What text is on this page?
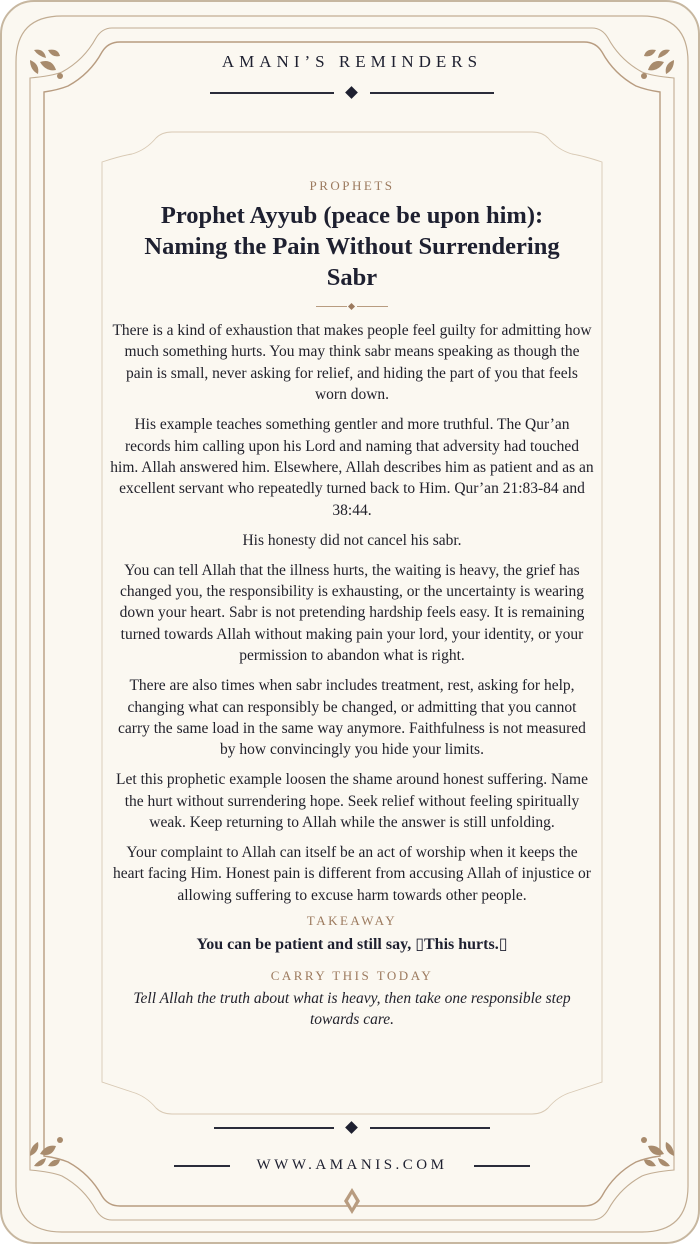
AMANI’S REMINDERS
PROPHETS
Prophet Ayyub (peace be upon him): Naming the Pain Without Surrendering Sabr

There is a kind of exhaustion that makes people feel guilty for admitting how much something hurts. You may think sabr means speaking as though the pain is small, never asking for relief, and hiding the part of you that feels worn down.

His example teaches something gentler and more truthful. The Qur’an records him calling upon his Lord and naming that adversity had touched him. Allah answered him. Elsewhere, Allah describes him as patient and as an excellent servant who repeatedly turned back to Him. Qur’an 21:83-84 and 38:44.

His honesty did not cancel his sabr.

You can tell Allah that the illness hurts, the waiting is heavy, the grief has changed you, the responsibility is exhausting, or the uncertainty is wearing down your heart. Sabr is not pretending hardship feels easy. It is remaining turned towards Allah without making pain your lord, your identity, or your permission to abandon what is right.

There are also times when sabr includes treatment, rest, asking for help, changing what can responsibly be changed, or admitting that you cannot carry the same load in the same way anymore. Faithfulness is not measured by how convincingly you hide your limits.

Let this prophetic example loosen the shame around honest suffering. Name the hurt without surrendering hope. Seek relief without feeling spiritually weak. Keep returning to Allah while the answer is still unfolding.

Your complaint to Allah can itself be an act of worship when it keeps the heart facing Him. Honest pain is different from accusing Allah of injustice or allowing suffering to excuse harm towards other people.

TAKEAWAY
You can be patient and still say, ▯This hurts.▯
CARRY THIS TODAY
Tell Allah the truth about what is heavy, then take one responsible step towards care.
WWW.AMANIS.COM
